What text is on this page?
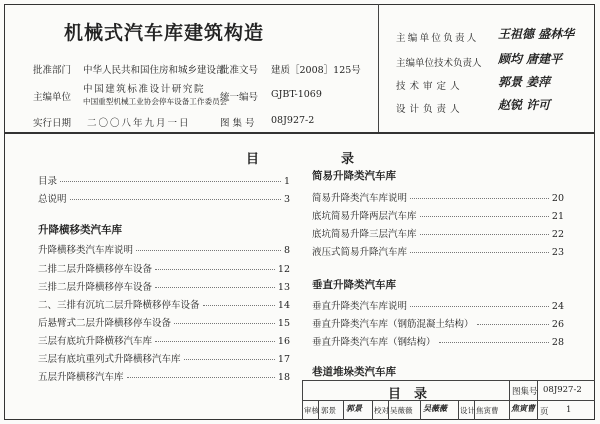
机械式汽车库建筑构造
批准部门 中华人民共和国住房和城乡建设部
批准文号 建质［2008］125号
主编单位
中国建筑标准设计研究院
中国重型机械工业协会停车设备工作委员会
统一编号 GJBT-1069
实行日期 二〇〇八年九月一日	图 集 号 08J927-2
主编单位负责人 王祖德 盛林华
主编单位技术负责人 顾均 唐建平
技 术 审 定 人	郭景 姜萍
设 计 负 责 人	赵锐 许可
目	录
目录	1
总说明	3
升降横移类汽车库
升降横移类汽车库说明	8
二排二层升降横移停车设备	12
三排二层升降横移停车设备	13
二、三排有沉坑二层升降横移停车设备	14
后悬臂式二层升降横移停车设备	15
三层有底坑升降横移汽车库	16
三层有底坑重列式升降横移汽车库	17
五层升降横移汽车库	18
简易升降类汽车库
简易升降类汽车库说明	20
底坑简易升降两层汽车库	21
底坑简易升降三层汽车库	22
液压式简易升降汽车库	23
垂直升降类汽车库
垂直升降类汽车库说明	24
垂直升降类汽车库（钢筋混凝土结构）	26
垂直升降类汽车库（钢结构）	28
巷道堆垛类汽车库
目　录	图集号 08J927-2
审核 郭景 郭景 校对 吴薇薇 吴薇薇 设计 焦寅曹 焦寅曹 页 1
